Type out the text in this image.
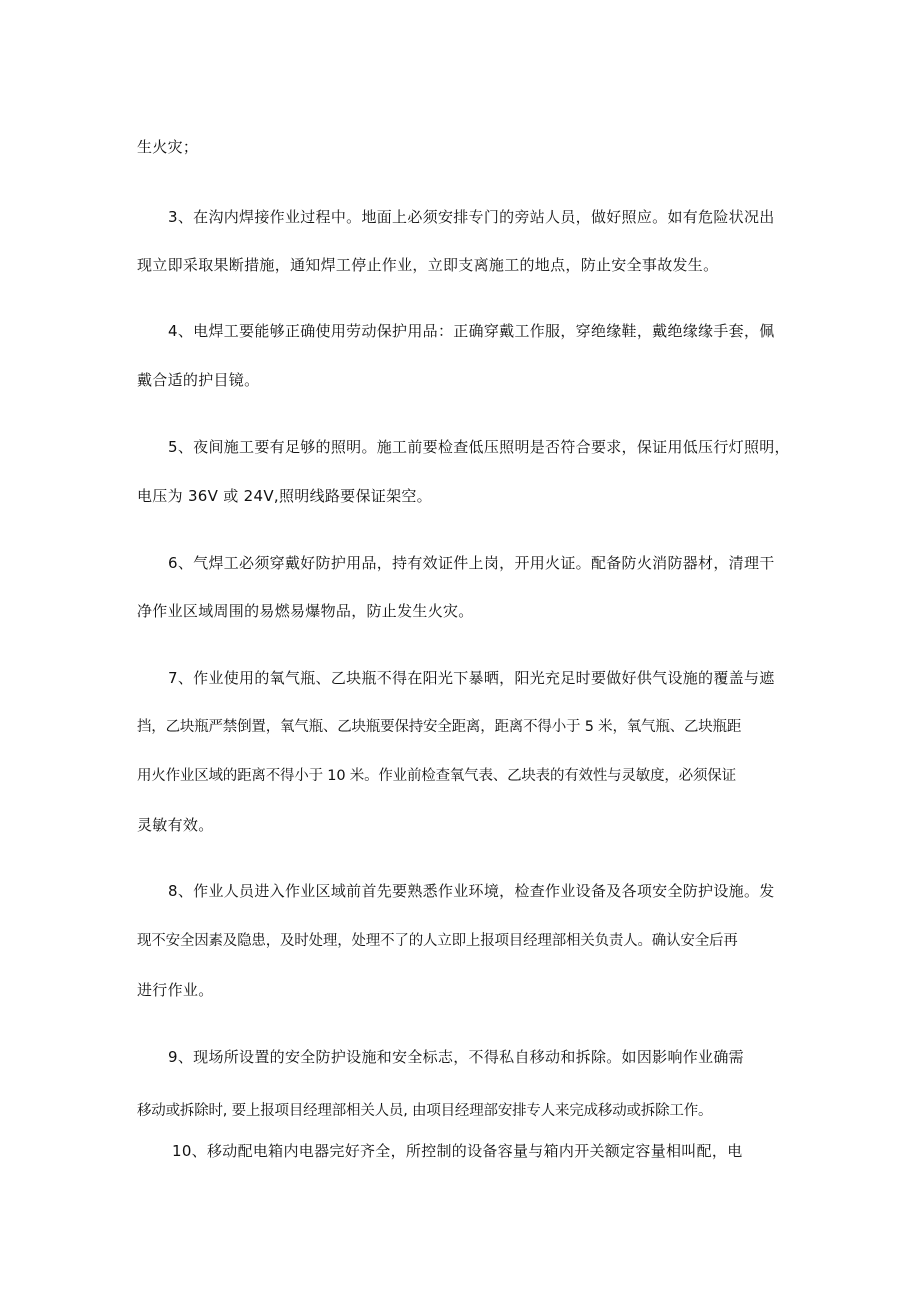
生火灾；

3、在沟内焊接作业过程中。地面上必须安排专门的旁站人员，做好照应。如有危险状况出

现立即采取果断措施，通知焊工停止作业，立即支离施工的地点，防止安全事故发生。

4、电焊工要能够正确使用劳动保护用品：正确穿戴工作服，穿绝缘鞋，戴绝缘缘手套，佩

戴合适的护目镜。

5、夜间施工要有足够的照明。施工前要检查低压照明是否符合要求，保证用低压行灯照明，

电压为 36V 或 24V,照明线路要保证架空。

6、气焊工必须穿戴好防护用品，持有效证件上岗，开用火证。配备防火消防器材，清理干

净作业区域周围的易燃易爆物品，防止发生火灾。

7、作业使用的氧气瓶、乙块瓶不得在阳光下暴晒，阳光充足时要做好供气设施的覆盖与遮

挡，乙块瓶严禁倒置，氧气瓶、乙块瓶要保持安全距离，距离不得小于 5 米，氧气瓶、乙块瓶距

用火作业区域的距离不得小于 10 米。作业前检查氧气表、乙块表的有效性与灵敏度，必须保证

灵敏有效。

8、作业人员进入作业区域前首先要熟悉作业环境，检查作业设备及各项安全防护设施。发

现不安全因素及隐患，及时处理，处理不了的人立即上报项目经理部相关负责人。确认安全后再

进行作业。

9、现场所设置的安全防护设施和安全标志，不得私自移动和拆除。如因影响作业确需

移动或拆除时, 要上报项目经理部相关人员, 由项目经理部安排专人来完成移动或拆除工作。

10、移动配电箱内电器完好齐全，所控制的设备容量与箱内开关额定容量相叫配，电
